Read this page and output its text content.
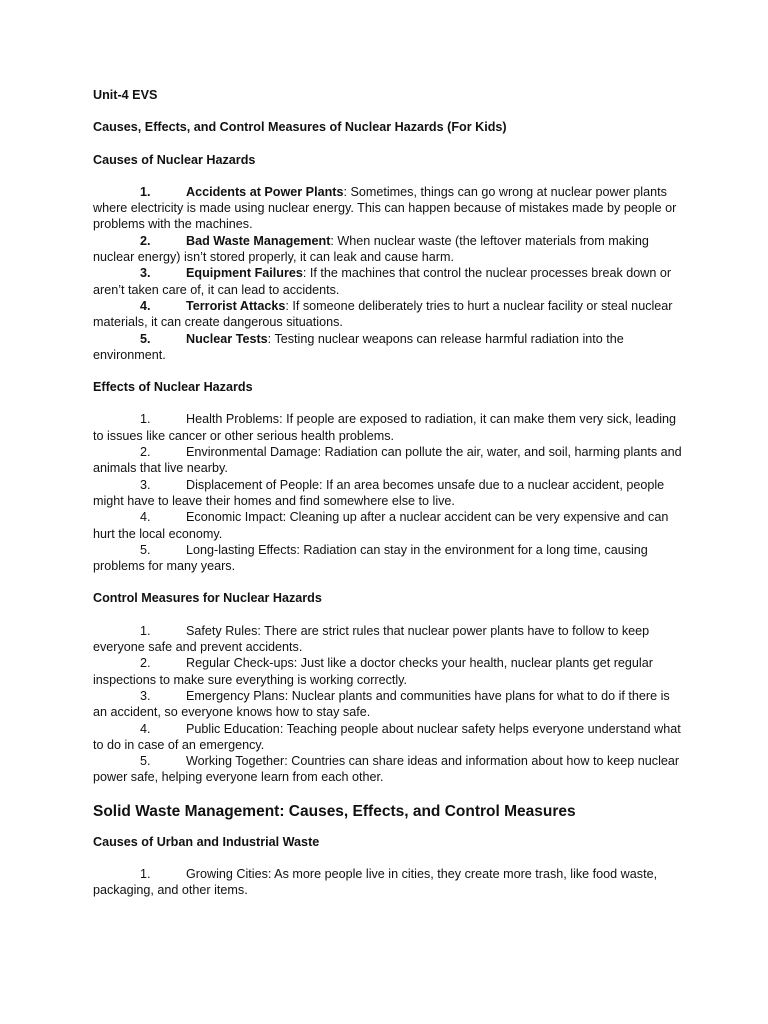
Unit-4 EVS

Causes, Effects, and Control Measures of Nuclear Hazards (For Kids)

Causes of Nuclear Hazards

1.	Accidents at Power Plants: Sometimes, things can go wrong at nuclear power plants where electricity is made using nuclear energy. This can happen because of mistakes made by people or problems with the machines.
2.	Bad Waste Management: When nuclear waste (the leftover materials from making nuclear energy) isn’t stored properly, it can leak and cause harm.
3.	Equipment Failures: If the machines that control the nuclear processes break down or aren’t taken care of, it can lead to accidents.
4.	Terrorist Attacks: If someone deliberately tries to hurt a nuclear facility or steal nuclear materials, it can create dangerous situations.
5.	Nuclear Tests: Testing nuclear weapons can release harmful radiation into the environment.

Effects of Nuclear Hazards

1.	Health Problems: If people are exposed to radiation, it can make them very sick, leading to issues like cancer or other serious health problems.
2.	Environmental Damage: Radiation can pollute the air, water, and soil, harming plants and animals that live nearby.
3.	Displacement of People: If an area becomes unsafe due to a nuclear accident, people might have to leave their homes and find somewhere else to live.
4.	Economic Impact: Cleaning up after a nuclear accident can be very expensive and can hurt the local economy.
5.	Long-lasting Effects: Radiation can stay in the environment for a long time, causing problems for many years.

Control Measures for Nuclear Hazards

1.	Safety Rules: There are strict rules that nuclear power plants have to follow to keep everyone safe and prevent accidents.
2.	Regular Check-ups: Just like a doctor checks your health, nuclear plants get regular inspections to make sure everything is working correctly.
3.	Emergency Plans: Nuclear plants and communities have plans for what to do if there is an accident, so everyone knows how to stay safe.
4.	Public Education: Teaching people about nuclear safety helps everyone understand what to do in case of an emergency.
5.	Working Together: Countries can share ideas and information about how to keep nuclear power safe, helping everyone learn from each other.

Solid Waste Management: Causes, Effects, and Control Measures

Causes of Urban and Industrial Waste

1.	Growing Cities: As more people live in cities, they create more trash, like food waste, packaging, and other items.
